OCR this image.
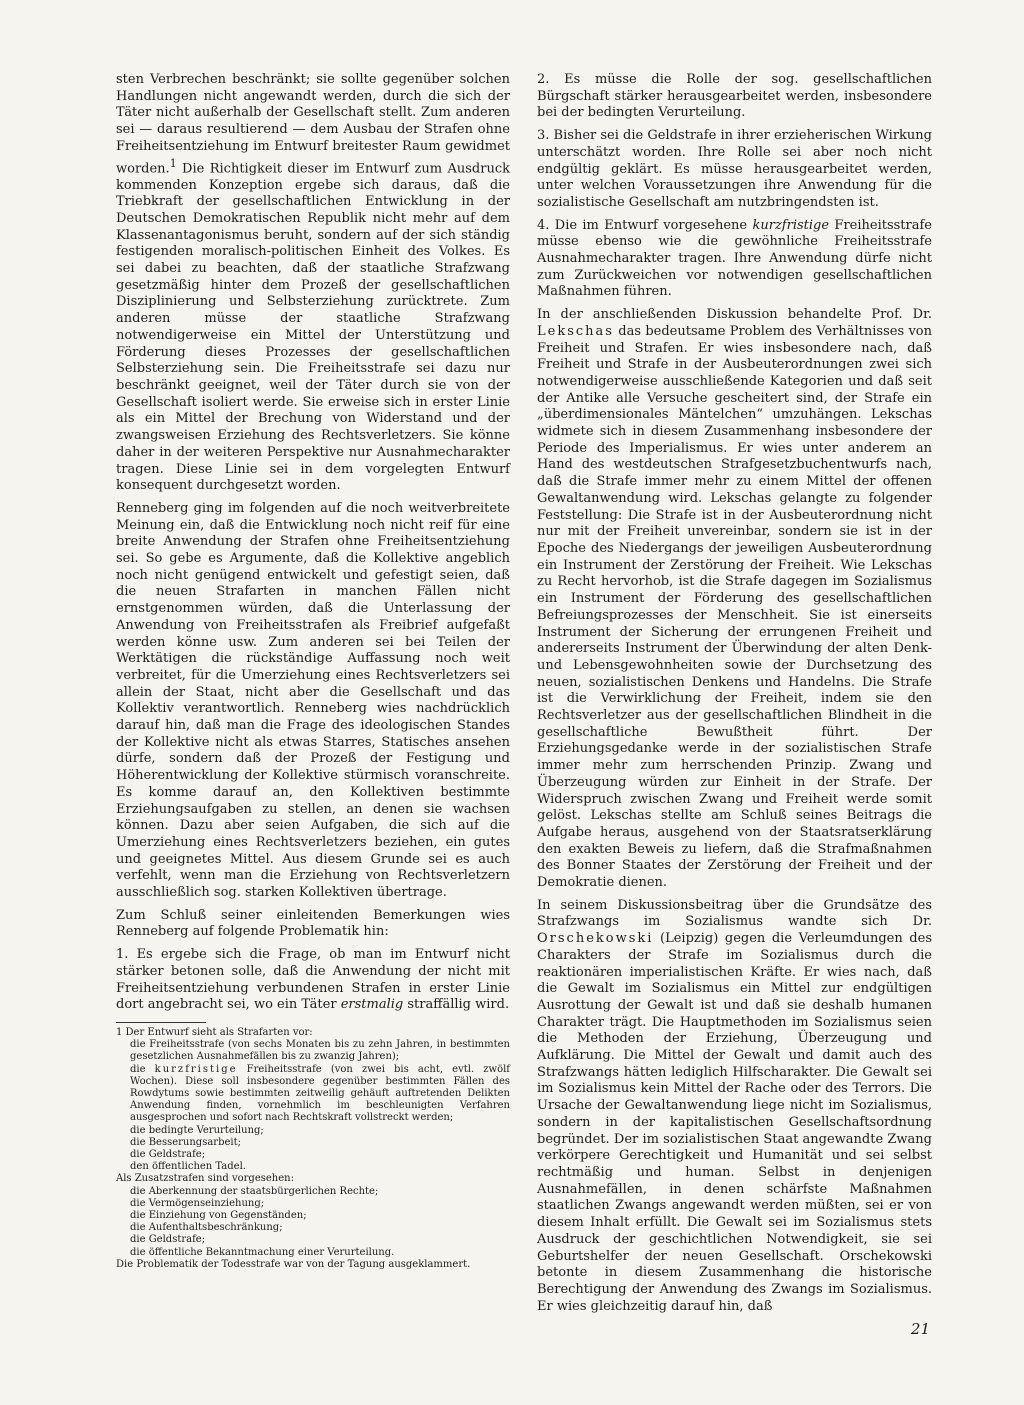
sten Verbrechen beschränkt; sie sollte gegenüber solchen Handlungen nicht angewandt werden, durch die sich der Täter nicht außerhalb der Gesellschaft stellt. Zum anderen sei — daraus resultierend — dem Ausbau der Strafen ohne Freiheitsentziehung im Entwurf breitester Raum gewidmet worden.$^1$ Die Richtigkeit dieser im Entwurf zum Ausdruck kommenden Konzeption ergebe sich daraus, daß die Triebkraft der gesellschaftlichen Entwicklung in der Deutschen Demokratischen Republik nicht mehr auf dem Klassenantagonismus beruht, sondern auf der sich ständig festigenden moralisch-politischen Einheit des Volkes. Es sei dabei zu beachten, daß der staatliche Strafzwang gesetzmäßig hinter dem Prozeß der gesellschaftlichen Disziplinierung und Selbsterziehung zurücktrete. Zum anderen müsse der staatliche Strafzwang notwendigerweise ein Mittel der Unterstützung und Förderung dieses Prozesses der gesellschaftlichen Selbsterziehung sein. Die Freiheitsstrafe sei dazu nur beschränkt geeignet, weil der Täter durch sie von der Gesellschaft isoliert werde. Sie erweise sich in erster Linie als ein Mittel der Brechung von Widerstand und der zwangsweisen Erziehung des Rechtsverletzers. Sie könne daher in der weiteren Perspektive nur Ausnahmecharakter tragen. Diese Linie sei in dem vorgelegten Entwurf konsequent durchgesetzt worden.

Renneberg ging im folgenden auf die noch weitverbreitete Meinung ein, daß die Entwicklung noch nicht reif für eine breite Anwendung der Strafen ohne Freiheitsentziehung sei. So gebe es Argumente, daß die Kollektive angeblich noch nicht genügend entwickelt und gefestigt seien, daß die neuen Strafarten in manchen Fällen nicht ernstgenommen würden, daß die Unterlassung der Anwendung von Freiheitsstrafen als Freibrief aufgefaßt werden könne usw. Zum anderen sei bei Teilen der Werktätigen die rückständige Auffassung noch weit verbreitet, für die Umerziehung eines Rechtsverletzers sei allein der Staat, nicht aber die Gesellschaft und das Kollektiv verantwortlich. Renneberg wies nachdrücklich darauf hin, daß man die Frage des ideologischen Standes der Kollektive nicht als etwas Starres, Statisches ansehen dürfe, sondern daß der Prozeß der Festigung und Höherentwicklung der Kollektive stürmisch voranschreite. Es komme darauf an, den Kollektiven bestimmte Erziehungsaufgaben zu stellen, an denen sie wachsen können. Dazu aber seien Aufgaben, die sich auf die Umerziehung eines Rechtsverletzers beziehen, ein gutes und geeignetes Mittel. Aus diesem Grunde sei es auch verfehlt, wenn man die Erziehung von Rechtsverletzern ausschließlich sog. starken Kollektiven übertrage.

Zum Schluß seiner einleitenden Bemerkungen wies Renneberg auf folgende Problematik hin:

1. Es ergebe sich die Frage, ob man im Entwurf nicht stärker betonen solle, daß die Anwendung der nicht mit Freiheitsentziehung verbundenen Strafen in erster Linie dort angebracht sei, wo ein Täter erstmalig straffällig wird.

1 Der Entwurf sieht als Strafarten vor:

die Freiheitsstrafe (von sechs Monaten bis zu zehn Jahren, in bestimmten gesetzlichen Ausnahmefällen bis zu zwanzig Jahren);

die kurzfristige Freiheitsstrafe (von zwei bis acht, evtl. zwölf Wochen). Diese soll insbesondere gegenüber bestimmten Fällen des Rowdytums sowie bestimmten zeitweilig gehäuft auftretenden Delikten Anwendung finden, vornehmlich im beschleunigten Verfahren ausgesprochen und sofort nach Rechtskraft vollstreckt werden;

die bedingte Verurteilung;

die Besserungsarbeit;

die Geldstrafe;

den öffentlichen Tadel.

Als Zusatzstrafen sind vorgesehen:

die Aberkennung der staatsbürgerlichen Rechte;

die Vermögenseinziehung;

die Einziehung von Gegenständen;

die Aufenthaltsbeschränkung;

die Geldstrafe;

die öffentliche Bekanntmachung einer Verurteilung.

Die Problematik der Todesstrafe war von der Tagung ausgeklammert.

2. Es müsse die Rolle der sog. gesellschaftlichen Bürgschaft stärker herausgearbeitet werden, insbesondere bei der bedingten Verurteilung.

3. Bisher sei die Geldstrafe in ihrer erzieherischen Wirkung unterschätzt worden. Ihre Rolle sei aber noch nicht endgültig geklärt. Es müsse herausgearbeitet werden, unter welchen Voraussetzungen ihre Anwendung für die sozialistische Gesellschaft am nutzbringendsten ist.

4. Die im Entwurf vorgesehene kurzfristige Freiheitsstrafe müsse ebenso wie die gewöhnliche Freiheitsstrafe Ausnahmecharakter tragen. Ihre Anwendung dürfe nicht zum Zurückweichen vor notwendigen gesellschaftlichen Maßnahmen führen.

In der anschließenden Diskussion behandelte Prof. Dr. Lekschas das bedeutsame Problem des Verhältnisses von Freiheit und Strafen. Er wies insbesondere nach, daß Freiheit und Strafe in der Ausbeuterordnungen zwei sich notwendigerweise ausschließende Kategorien und daß seit der Antike alle Versuche gescheitert sind, der Strafe ein „überdimensionales Mäntelchen“ umzuhängen. Lekschas widmete sich in diesem Zusammenhang insbesondere der Periode des Imperialismus. Er wies unter anderem an Hand des westdeutschen Strafgesetzbuchentwurfs nach, daß die Strafe immer mehr zu einem Mittel der offenen Gewaltanwendung wird. Lekschas gelangte zu folgender Feststellung: Die Strafe ist in der Ausbeuterordnung nicht nur mit der Freiheit unvereinbar, sondern sie ist in der Epoche des Niedergangs der jeweiligen Ausbeuterordnung ein Instrument der Zerstörung der Freiheit. Wie Lekschas zu Recht hervorhob, ist die Strafe dagegen im Sozialismus ein Instrument der Förderung des gesellschaftlichen Befreiungsprozesses der Menschheit. Sie ist einerseits Instrument der Sicherung der errungenen Freiheit und andererseits Instrument der Überwindung der alten Denk- und Lebensgewohnheiten sowie der Durchsetzung des neuen, sozialistischen Denkens und Handelns. Die Strafe ist die Verwirklichung der Freiheit, indem sie den Rechtsverletzer aus der gesellschaftlichen Blindheit in die gesellschaftliche Bewußtheit führt. Der Erziehungsgedanke werde in der sozialistischen Strafe immer mehr zum herrschenden Prinzip. Zwang und Überzeugung würden zur Einheit in der Strafe. Der Widerspruch zwischen Zwang und Freiheit werde somit gelöst. Lekschas stellte am Schluß seines Beitrags die Aufgabe heraus, ausgehend von der Staatsratserklärung den exakten Beweis zu liefern, daß die Strafmaßnahmen des Bonner Staates der Zerstörung der Freiheit und der Demokratie dienen.

In seinem Diskussionsbeitrag über die Grundsätze des Strafzwangs im Sozialismus wandte sich Dr. Orschekowski (Leipzig) gegen die Verleumdungen des Charakters der Strafe im Sozialismus durch die reaktionären imperialistischen Kräfte. Er wies nach, daß die Gewalt im Sozialismus ein Mittel zur endgültigen Ausrottung der Gewalt ist und daß sie deshalb humanen Charakter trägt. Die Hauptmethoden im Sozialismus seien die Methoden der Erziehung, Überzeugung und Aufklärung. Die Mittel der Gewalt und damit auch des Strafzwangs hätten lediglich Hilfscharakter. Die Gewalt sei im Sozialismus kein Mittel der Rache oder des Terrors. Die Ursache der Gewaltanwendung liege nicht im Sozialismus, sondern in der kapitalistischen Gesellschaftsordnung begründet. Der im sozialistischen Staat angewandte Zwang verkörpere Gerechtigkeit und Humanität und sei selbst rechtmäßig und human. Selbst in denjenigen Ausnahmefällen, in denen schärfste Maßnahmen staatlichen Zwangs angewandt werden müßten, sei er von diesem Inhalt erfüllt. Die Gewalt sei im Sozialismus stets Ausdruck der geschichtlichen Notwendigkeit, sie sei Geburtshelfer der neuen Gesellschaft. Orschekowski betonte in diesem Zusammenhang die historische Berechtigung der Anwendung des Zwangs im Sozialismus. Er wies gleichzeitig darauf hin, daß

21
